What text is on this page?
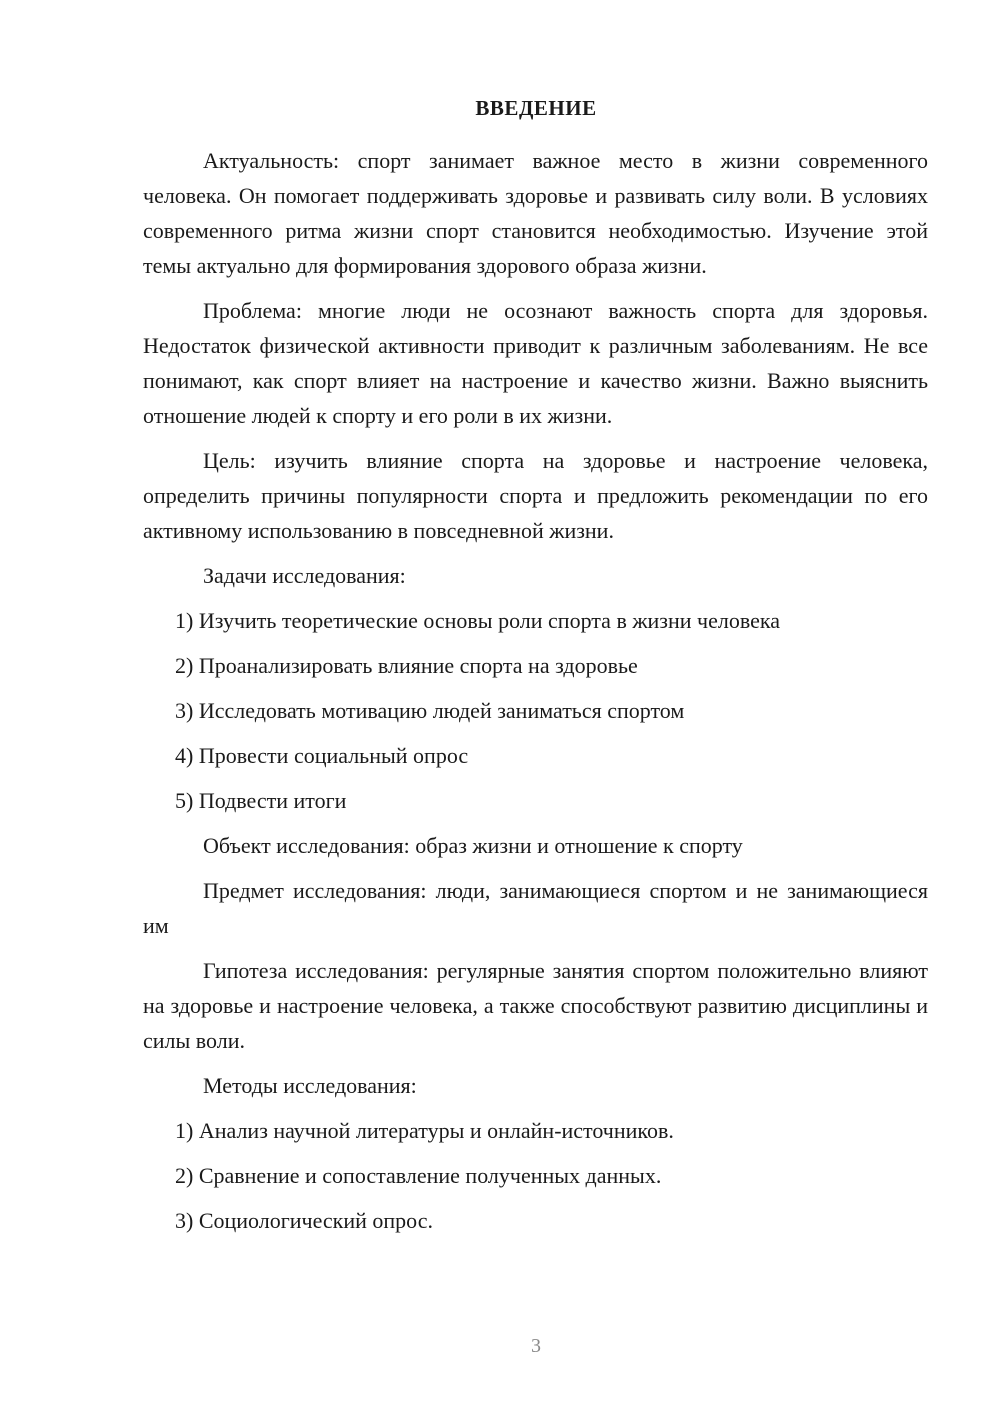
ВВЕДЕНИЕ

Актуальность: спорт занимает важное место в жизни современного человека. Он помогает поддерживать здоровье и развивать силу воли. В условиях современного ритма жизни спорт становится необходимостью. Изучение этой темы актуально для формирования здорового образа жизни.

Проблема: многие люди не осознают важность спорта для здоровья. Недостаток физической активности приводит к различным заболеваниям. Не все понимают, как спорт влияет на настроение и качество жизни. Важно выяснить отношение людей к спорту и его роли в их жизни.

Цель: изучить влияние спорта на здоровье и настроение человека, определить причины популярности спорта и предложить рекомендации по его активному использованию в повседневной жизни.

Задачи исследования:

1) Изучить теоретические основы роли спорта в жизни человека
2) Проанализировать влияние спорта на здоровье
3) Исследовать мотивацию людей заниматься спортом
4) Провести социальный опрос
5) Подвести итоги

Объект исследования: образ жизни и отношение к спорту

Предмет исследования: люди, занимающиеся спортом и не занимающиеся им

Гипотеза исследования: регулярные занятия спортом положительно влияют на здоровье и настроение человека, а также способствуют развитию дисциплины и силы воли.

Методы исследования:

1) Анализ научной литературы и онлайн-источников.
2) Сравнение и сопоставление полученных данных.
3) Социологический опрос.
3
